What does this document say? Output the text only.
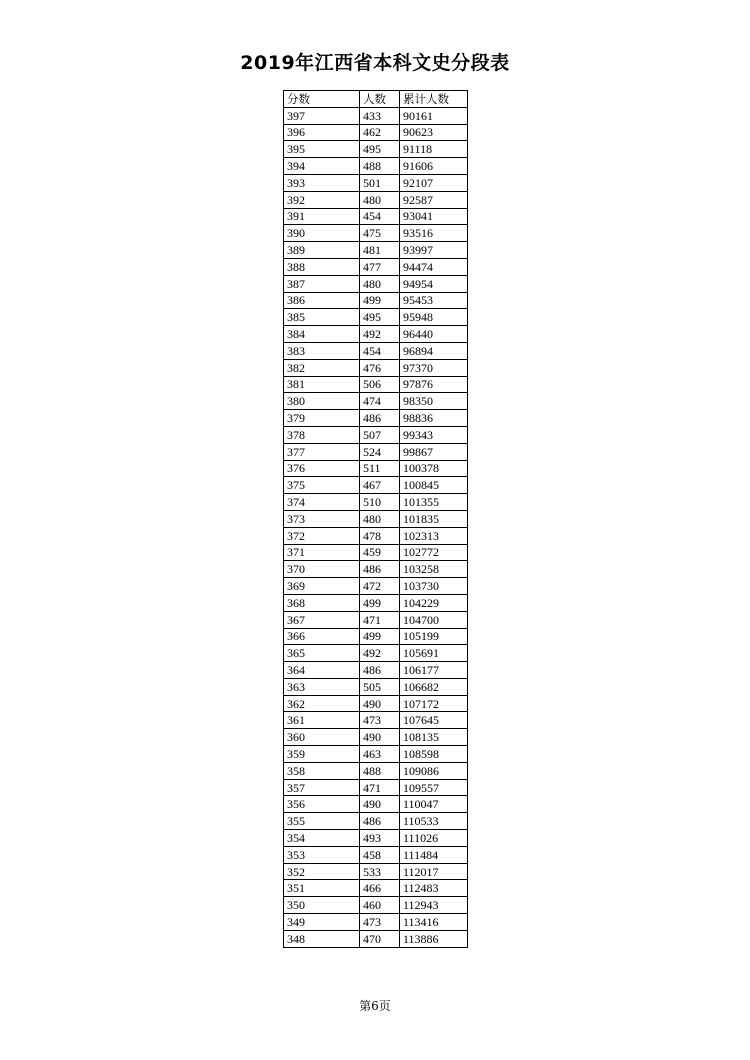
2019年江西省本科文史分段表
分数	人数	累计人数
397	433	90161
396	462	90623
395	495	91118
394	488	91606
393	501	92107
392	480	92587
391	454	93041
390	475	93516
389	481	93997
388	477	94474
387	480	94954
386	499	95453
385	495	95948
384	492	96440
383	454	96894
382	476	97370
381	506	97876
380	474	98350
379	486	98836
378	507	99343
377	524	99867
376	511	100378
375	467	100845
374	510	101355
373	480	101835
372	478	102313
371	459	102772
370	486	103258
369	472	103730
368	499	104229
367	471	104700
366	499	105199
365	492	105691
364	486	106177
363	505	106682
362	490	107172
361	473	107645
360	490	108135
359	463	108598
358	488	109086
357	471	109557
356	490	110047
355	486	110533
354	493	111026
353	458	111484
352	533	112017
351	466	112483
350	460	112943
349	473	113416
348	470	113886
第6页
